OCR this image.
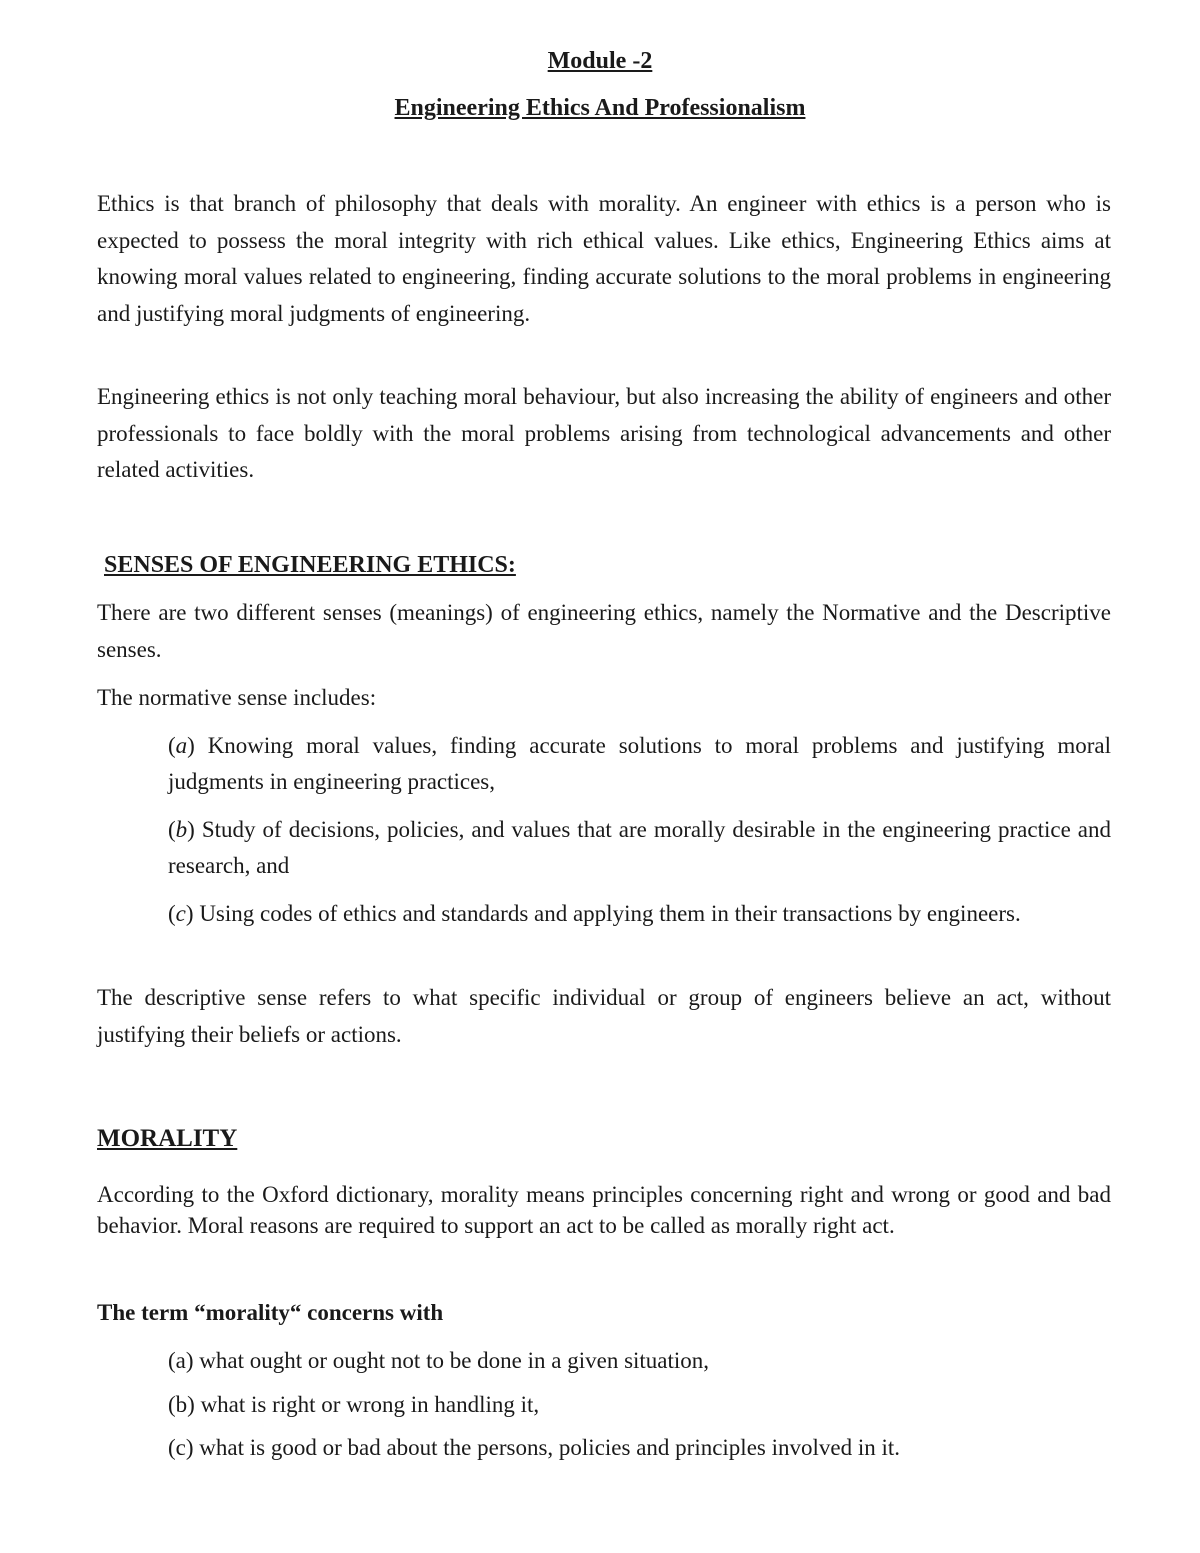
Module -2
Engineering Ethics And Professionalism
Ethics is that branch of philosophy that deals with morality. An engineer with ethics is a person who is expected to possess the moral integrity with rich ethical values. Like ethics, Engineering Ethics aims at knowing moral values related to engineering, finding accurate solutions to the moral problems in engineering and justifying moral judgments of engineering.
Engineering ethics is not only teaching moral behaviour, but also increasing the ability of engineers and other professionals to face boldly with the moral problems arising from technological advancements and other related activities.
SENSES OF ENGINEERING ETHICS:
There are two different senses (meanings) of engineering ethics, namely the Normative and the Descriptive senses.
The normative sense includes:
(a) Knowing moral values, finding accurate solutions to moral problems and justifying moral judgments in engineering practices,
(b) Study of decisions, policies, and values that are morally desirable in the engineering practice and research, and
(c) Using codes of ethics and standards and applying them in their transactions by engineers.
The descriptive sense refers to what specific individual or group of engineers believe an act, without justifying their beliefs or actions.
MORALITY
According to the Oxford dictionary, morality means principles concerning right and wrong or good and bad behavior. Moral reasons are required to support an act to be called as morally right act.
The term “morality“ concerns with
(a) what ought or ought not to be done in a given situation,
(b) what is right or wrong in handling it,
(c) what is good or bad about the persons, policies and principles involved in it.
